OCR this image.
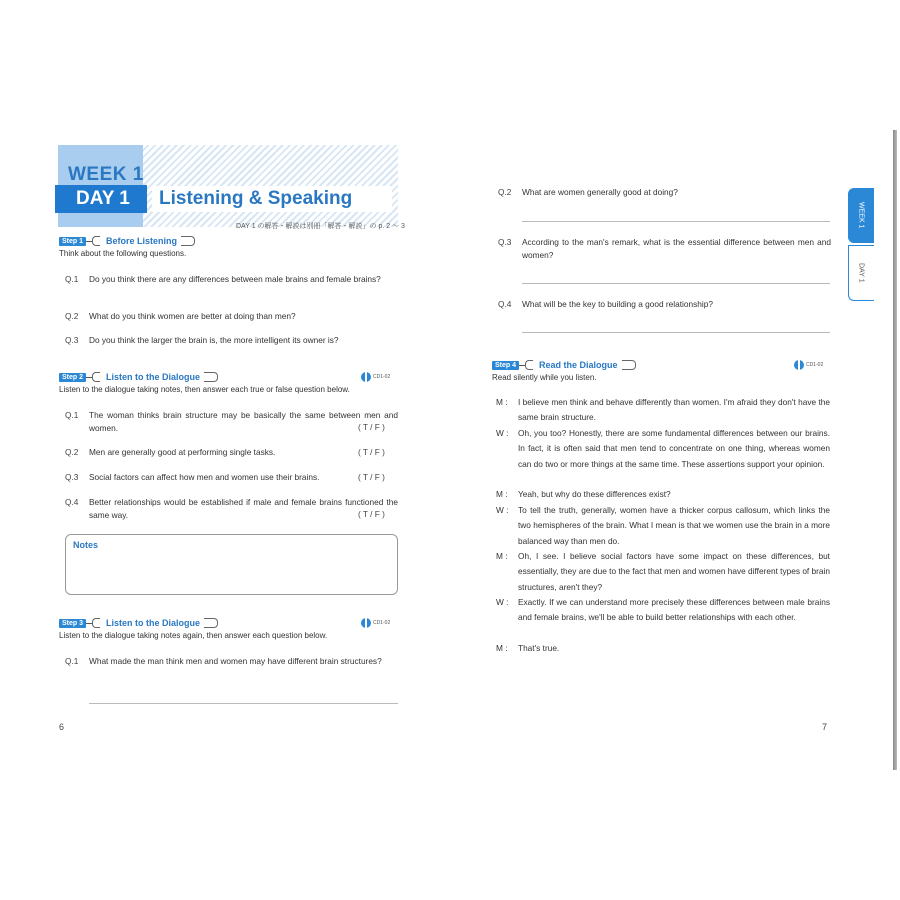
WEEK 1
DAY 1 Listening & Speaking
DAY 1 の解答・解説は別冊「解答・解説」の p. 2 ～ 3
Step 1	Before Listening
Think about the following questions.
Q.1	Do you think there are any differences between male brains and female brains?
Q.2	What do you think women are better at doing than men?
Q.3	Do you think the larger the brain is, the more intelligent its owner is?
Step 2	Listen to the Dialogue	CD1-02
Listen to the dialogue taking notes, then answer each true or false question below.
Q.1	The woman thinks brain structure may be basically the same between men and women.	( T / F )
Q.2	Men are generally good at performing single tasks.	( T / F )
Q.3	Social factors can affect how men and women use their brains.	( T / F )
Q.4	Better relationships would be established if male and female brains functioned the same way.	( T / F )
Notes
Step 3	Listen to the Dialogue	CD1-02
Listen to the dialogue taking notes again, then answer each question below.
Q.1	What made the man think men and women may have different brain structures?
6
Q.2	What are women generally good at doing?
Q.3	According to the man's remark, what is the essential difference between men and women?
Q.4	What will be the key to building a good relationship?
Step 4	Read the Dialogue	CD1-02
Read silently while you listen.
M :	I believe men think and behave differently than women. I'm afraid they don't have the same brain structure.
W :	Oh, you too? Honestly, there are some fundamental differences between our brains. In fact, it is often said that men tend to concentrate on one thing, whereas women can do two or more things at the same time. These assertions support your opinion.
M :	Yeah, but why do these differences exist?
W :	To tell the truth, generally, women have a thicker corpus callosum, which links the two hemispheres of the brain. What I mean is that we women use the brain in a more balanced way than men do.
M :	Oh, I see. I believe social factors have some impact on these differences, but essentially, they are due to the fact that men and women have different types of brain structures, aren't they?
W :	Exactly. If we can understand more precisely these differences between male brains and female brains, we'll be able to build better relationships with each other.
M :	That's true.
7
WEEK 1
DAY 1
